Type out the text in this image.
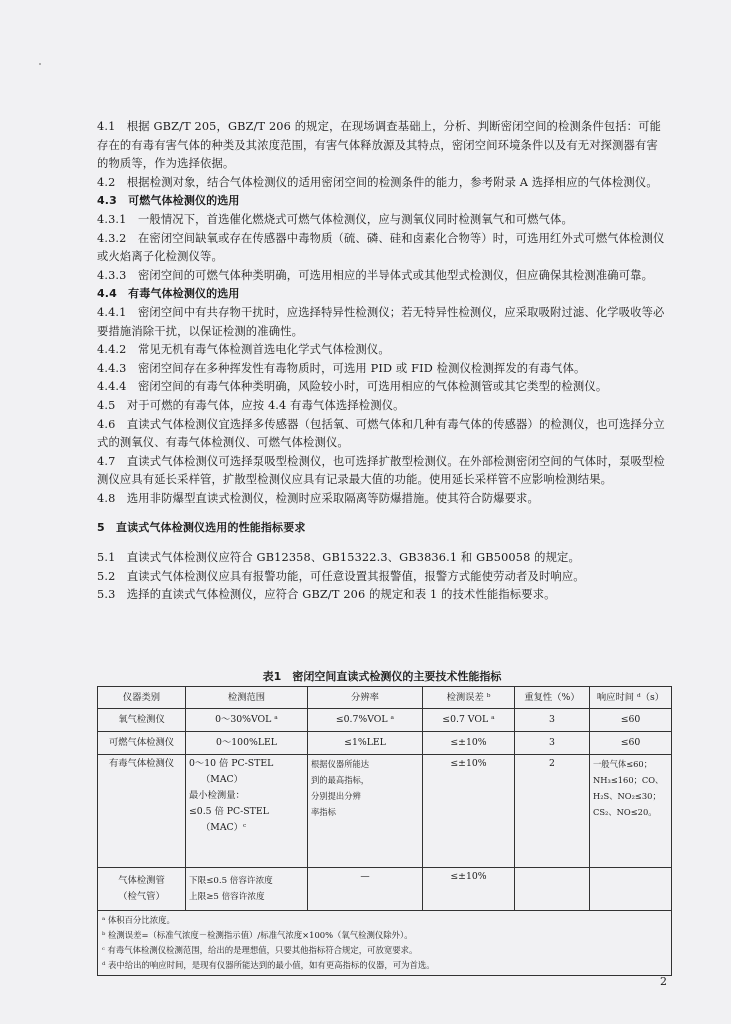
4.1　根据 GBZ/T 205，GBZ/T 206 的规定，在现场调查基础上，分析、判断密闭空间的检测条件包括：可能存在的有毒有害气体的种类及其浓度范围，有害气体释放源及其特点，密闭空间环境条件以及有无对探测器有害的物质等，作为选择依据。

4.2　根据检测对象，结合气体检测仪的适用密闭空间的检测条件的能力，参考附录 A 选择相应的气体检测仪。

4.3　可燃气体检测仪的选用

4.3.1　一般情况下，首选催化燃烧式可燃气体检测仪，应与测氧仪同时检测氧气和可燃气体。

4.3.2　在密闭空间缺氧或存在传感器中毒物质（硫、磷、硅和卤素化合物等）时，可选用红外式可燃气体检测仪或火焰离子化检测仪等。

4.3.3　密闭空间的可燃气体种类明确，可选用相应的半导体式或其他型式检测仪，但应确保其检测准确可靠。

4.4　有毒气体检测仪的选用

4.4.1　密闭空间中有共存物干扰时，应选择特异性检测仪；若无特异性检测仪，应采取吸附过滤、化学吸收等必要措施消除干扰，以保证检测的准确性。

4.4.2　常见无机有毒气体检测首选电化学式气体检测仪。

4.4.3　密闭空间存在多种挥发性有毒物质时，可选用 PID 或 FID 检测仪检测挥发的有毒气体。

4.4.4　密闭空间的有毒气体种类明确，风险较小时，可选用相应的气体检测管或其它类型的检测仪。

4.5　对于可燃的有毒气体，应按 4.4 有毒气体选择检测仪。

4.6　直读式气体检测仪宜选择多传感器（包括氧、可燃气体和几种有毒气体的传感器）的检测仪，也可选择分立式的测氧仪、有毒气体检测仪、可燃气体检测仪。

4.7　直读式气体检测仪可选择泵吸型检测仪，也可选择扩散型检测仪。在外部检测密闭空间的气体时，泵吸型检测仪应具有延长采样管，扩散型检测仪应具有记录最大值的功能。使用延长采样管不应影响检测结果。

4.8　选用非防爆型直读式检测仪，检测时应采取隔离等防爆措施。使其符合防爆要求。

5　直读式气体检测仪选用的性能指标要求

5.1　直读式气体检测仪应符合 GB12358、GB15322.3、GB3836.1 和 GB50058 的规定。

5.2　直读式气体检测仪应具有报警功能，可任意设置其报警值，报警方式能使劳动者及时响应。

5.3　选择的直读式气体检测仪，应符合 GBZ/T 206 的规定和表 1 的技术性能指标要求。

表1　密闭空间直读式检测仪的主要技术性能指标
仪器类别	检测范围	分辨率	检测误差 ᵇ	重复性（%）	响应时间 ᵈ（s）
氧气检测仪	0～30%VOL ᵃ	≤0.7%VOL ᵃ	≤0.7 VOL ᵃ	3	≤60
可燃气体检测仪	0～100%LEL	≤1%LEL	≤±10%	3	≤60
有毒气体检测仪	0～10 倍 PC-STEL
（MAC）
最小检测量：
≤0.5 倍 PC-STEL
（MAC）ᶜ	根据仪器所能达
到的最高指标，
分别提出分辨
率指标	≤±10%	2	一般气体≤60；
NH₃≤160；CO、
H₂S、NO₂≤30；
CS₂、NO≤20。

气体检测管
（检气管）	下限≤0.5 倍容许浓度
上限≥5 倍容许浓度	—	≤±10%		

ᵃ 体积百分比浓度。
ᵇ 检测误差=（标准气浓度－检测指示值）/标准气浓度×100%（氧气检测仪除外）。
ᶜ 有毒气体检测仪检测范围，给出的是理想值，只要其他指标符合规定，可放宽要求。
ᵈ 表中给出的响应时间，是现有仪器所能达到的最小值，如有更高指标的仪器，可为首选。					
2
